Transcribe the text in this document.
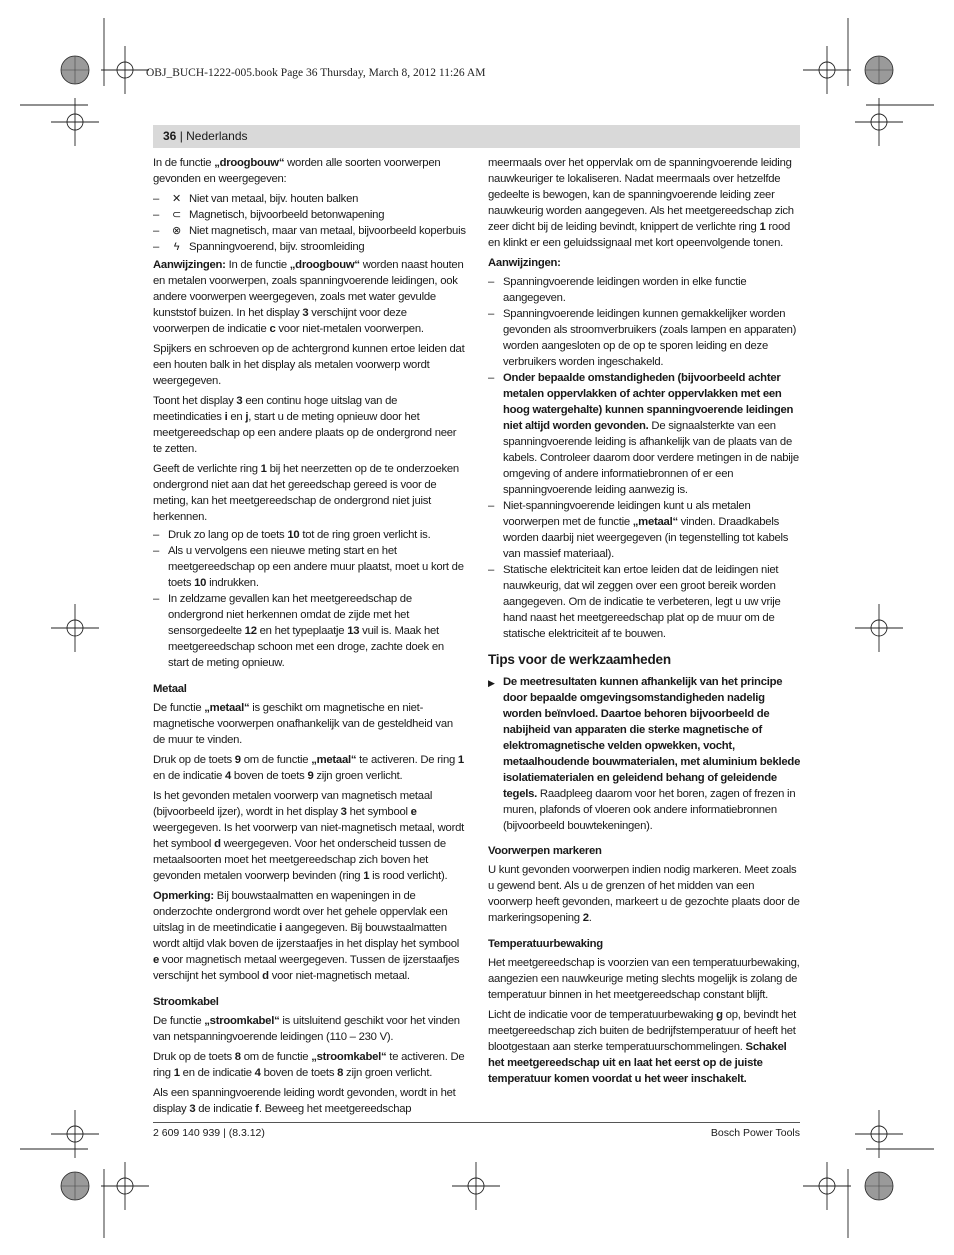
OBJ_BUCH-1222-005.book Page 36 Thursday, March 8, 2012 11:26 AM
36 | Nederlands

In de functie „droogbouw“ worden alle soorten voorwerpen gevonden en weergegeven:

–	✕ Niet van metaal, bijv. houten balken
–	⊂ Magnetisch, bijvoorbeeld betonwapening
–	⊗ Niet magnetisch, maar van metaal, bijvoorbeeld koperbuis
–	ϟ Spanningvoerend, bijv. stroomleiding

Aanwijzingen: In de functie „droogbouw“ worden naast houten en metalen voorwerpen, zoals spanningvoerende leidingen, ook andere voorwerpen weergegeven, zoals met water gevulde kunststof buizen. In het display 3 verschijnt voor deze voorwerpen de indicatie c voor niet-metalen voorwerpen.

Spijkers en schroeven op de achtergrond kunnen ertoe leiden dat een houten balk in het display als metalen voorwerp wordt weergegeven.

Toont het display 3 een continu hoge uitslag van de meetindicaties i en j, start u de meting opnieuw door het meetgereedschap op een andere plaats op de ondergrond neer te zetten.

Geeft de verlichte ring 1 bij het neerzetten op de te onderzoeken ondergrond niet aan dat het gereedschap gereed is voor de meting, kan het meetgereedschap de ondergrond niet juist herkennen.

– Druk zo lang op de toets 10 tot de ring groen verlicht is.
– Als u vervolgens een nieuwe meting start en het meetgereedschap op een andere muur plaatst, moet u kort de toets 10 indrukken.
– In zeldzame gevallen kan het meetgereedschap de ondergrond niet herkennen omdat de zijde met het sensorgedeelte 12 en het typeplaatje 13 vuil is. Maak het meetgereedschap schoon met een droge, zachte doek en start de meting opnieuw.
Metaal

De functie „metaal“ is geschikt om magnetische en niet-magnetische voorwerpen onafhankelijk van de gesteldheid van de muur te vinden.

Druk op de toets 9 om de functie „metaal“ te activeren. De ring 1 en de indicatie 4 boven de toets 9 zijn groen verlicht.

Is het gevonden metalen voorwerp van magnetisch metaal (bijvoorbeeld ijzer), wordt in het display 3 het symbool e weergegeven. Is het voorwerp van niet-magnetisch metaal, wordt het symbool d weergegeven. Voor het onderscheid tussen de metaalsoorten moet het meetgereedschap zich boven het gevonden metalen voorwerp bevinden (ring 1 is rood verlicht).

Opmerking: Bij bouwstaalmatten en wapeningen in de onderzochte ondergrond wordt over het gehele oppervlak een uitslag in de meetindicatie i aangegeven. Bij bouwstaalmatten wordt altijd vlak boven de ijzerstaafjes in het display het symbool e voor magnetisch metaal weergegeven. Tussen de ijzerstaafjes verschijnt het symbool d voor niet-magnetisch metaal.

Stroomkabel

De functie „stroomkabel“ is uitsluitend geschikt voor het vinden van netspanningvoerende leidingen (110 – 230 V).

Druk op de toets 8 om de functie „stroomkabel“ te activeren. De ring 1 en de indicatie 4 boven de toets 8 zijn groen verlicht.

Als een spanningvoerende leiding wordt gevonden, wordt in het display 3 de indicatie f. Beweeg het meetgereedschap

meermaals over het oppervlak om de spanningvoerende leiding nauwkeuriger te lokaliseren. Nadat meermaals over hetzelfde gedeelte is bewogen, kan de spanningvoerende leiding zeer nauwkeurig worden aangegeven. Als het meetgereedschap zich zeer dicht bij de leiding bevindt, knippert de verlichte ring 1 rood en klinkt er een geluidssignaal met kort opeenvolgende tonen.

Aanwijzingen:
– Spanningvoerende leidingen worden in elke functie aangegeven.
– Spanningvoerende leidingen kunnen gemakkelijker worden gevonden als stroomverbruikers (zoals lampen en apparaten) worden aangesloten op de op te sporen leiding en deze verbruikers worden ingeschakeld.
– Onder bepaalde omstandigheden (bijvoorbeeld achter metalen oppervlakken of achter oppervlakken met een hoog watergehalte) kunnen spanningvoerende leidingen niet altijd worden gevonden. De signaalsterkte van een spanningvoerende leiding is afhankelijk van de plaats van de kabels. Controleer daarom door verdere metingen in de nabije omgeving of andere informatiebronnen of er een spanningvoerende leiding aanwezig is.
– Niet-spanningvoerende leidingen kunt u als metalen voorwerpen met de functie „metaal“ vinden. Draadkabels worden daarbij niet weergegeven (in tegenstelling tot kabels van massief materiaal).
– Statische elektriciteit kan ertoe leiden dat de leidingen niet nauwkeurig, dat wil zeggen over een groot bereik worden aangegeven. Om de indicatie te verbeteren, legt u uw vrije hand naast het meetgereedschap plat op de muur om de statische elektriciteit af te bouwen.
Tips voor de werkzaamheden
▶ De meetresultaten kunnen afhankelijk van het principe door bepaalde omgevingsomstandigheden nadelig worden beïnvloed. Daartoe behoren bijvoorbeeld de nabijheid van apparaten die sterke magnetische of elektromagnetische velden opwekken, vocht, metaalhoudende bouwmaterialen, met aluminium beklede isolatiematerialen en geleidend behang of geleidende tegels. Raadpleeg daarom voor het boren, zagen of frezen in muren, plafonds of vloeren ook andere informatiebronnen (bijvoorbeeld bouwtekeningen).
Voorwerpen markeren

U kunt gevonden voorwerpen indien nodig markeren. Meet zoals u gewend bent. Als u de grenzen of het midden van een voorwerp heeft gevonden, markeert u de gezochte plaats door de markeringsopening 2.

Temperatuurbewaking

Het meetgereedschap is voorzien van een temperatuurbewaking, aangezien een nauwkeurige meting slechts mogelijk is zolang de temperatuur binnen in het meetgereedschap constant blijft.

Licht de indicatie voor de temperatuurbewaking g op, bevindt het meetgereedschap zich buiten de bedrijfstemperatuur of heeft het blootgestaan aan sterke temperatuurschommelingen. Schakel het meetgereedschap uit en laat het eerst op de juiste temperatuur komen voordat u het weer inschakelt.

2 609 140 939 | (8.3.12)	Bosch Power Tools
